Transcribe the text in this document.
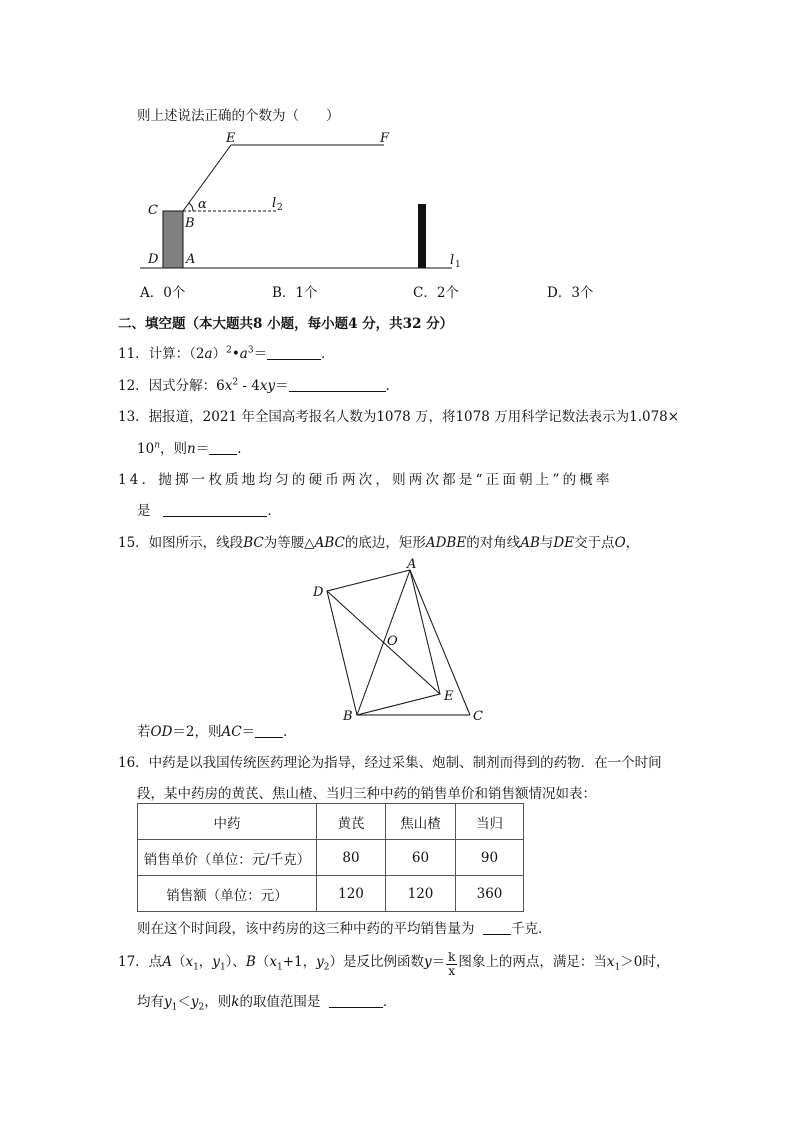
则上述说法正确的个数为（　　）
E	F
C
B
D A
α	l 2
l 1
A．0个	B．1个	C．2个	D．3个
二、填空题（本大题共8 小题，每小题4 分，共32 分）
11．计算：$(2a)^2•a^3=$	．
12．因式分解：$6x^2 - 4xy=$	．
13．据报道，2021 年全国高考报名人数为1078 万，将1078 万用科学记数法表示为1.078×
$10^n$，则n＝ ．
14．抛掷一枚质地均匀的硬币两次，则两次都是“正面朝上”的概率
是	．
15．如图所示，线段BC为等腰△ABC的底边，矩形ADBE的对角线AB与DE交于点O，
A
D
O
E
B	C
若OD＝2，则AC＝ ．
16．中药是以我国传统医药理论为指导，经过采集、炮制、制剂而得到的药物．在一个时间
段，某中药房的黄芪、焦山楂、当归三种中药的销售单价和销售额情况如表：
中药	黄芪	焦山楂	当归
销售单价（单位：元/千克）	80	60	90
销售额（单位：元）	120	120	360
则在这个时间段，该中药房的这三种中药的平均销售量为	千克．
17．点$A(x_1$，$y_1$）、$B(x_1+1$，$y_2$）是反比例函数$y= \frac{k}{x}$ 图象上的两点，满足：当$x_1>0$时，
均有$y_1<y_2$，则k的取值范围是	．
